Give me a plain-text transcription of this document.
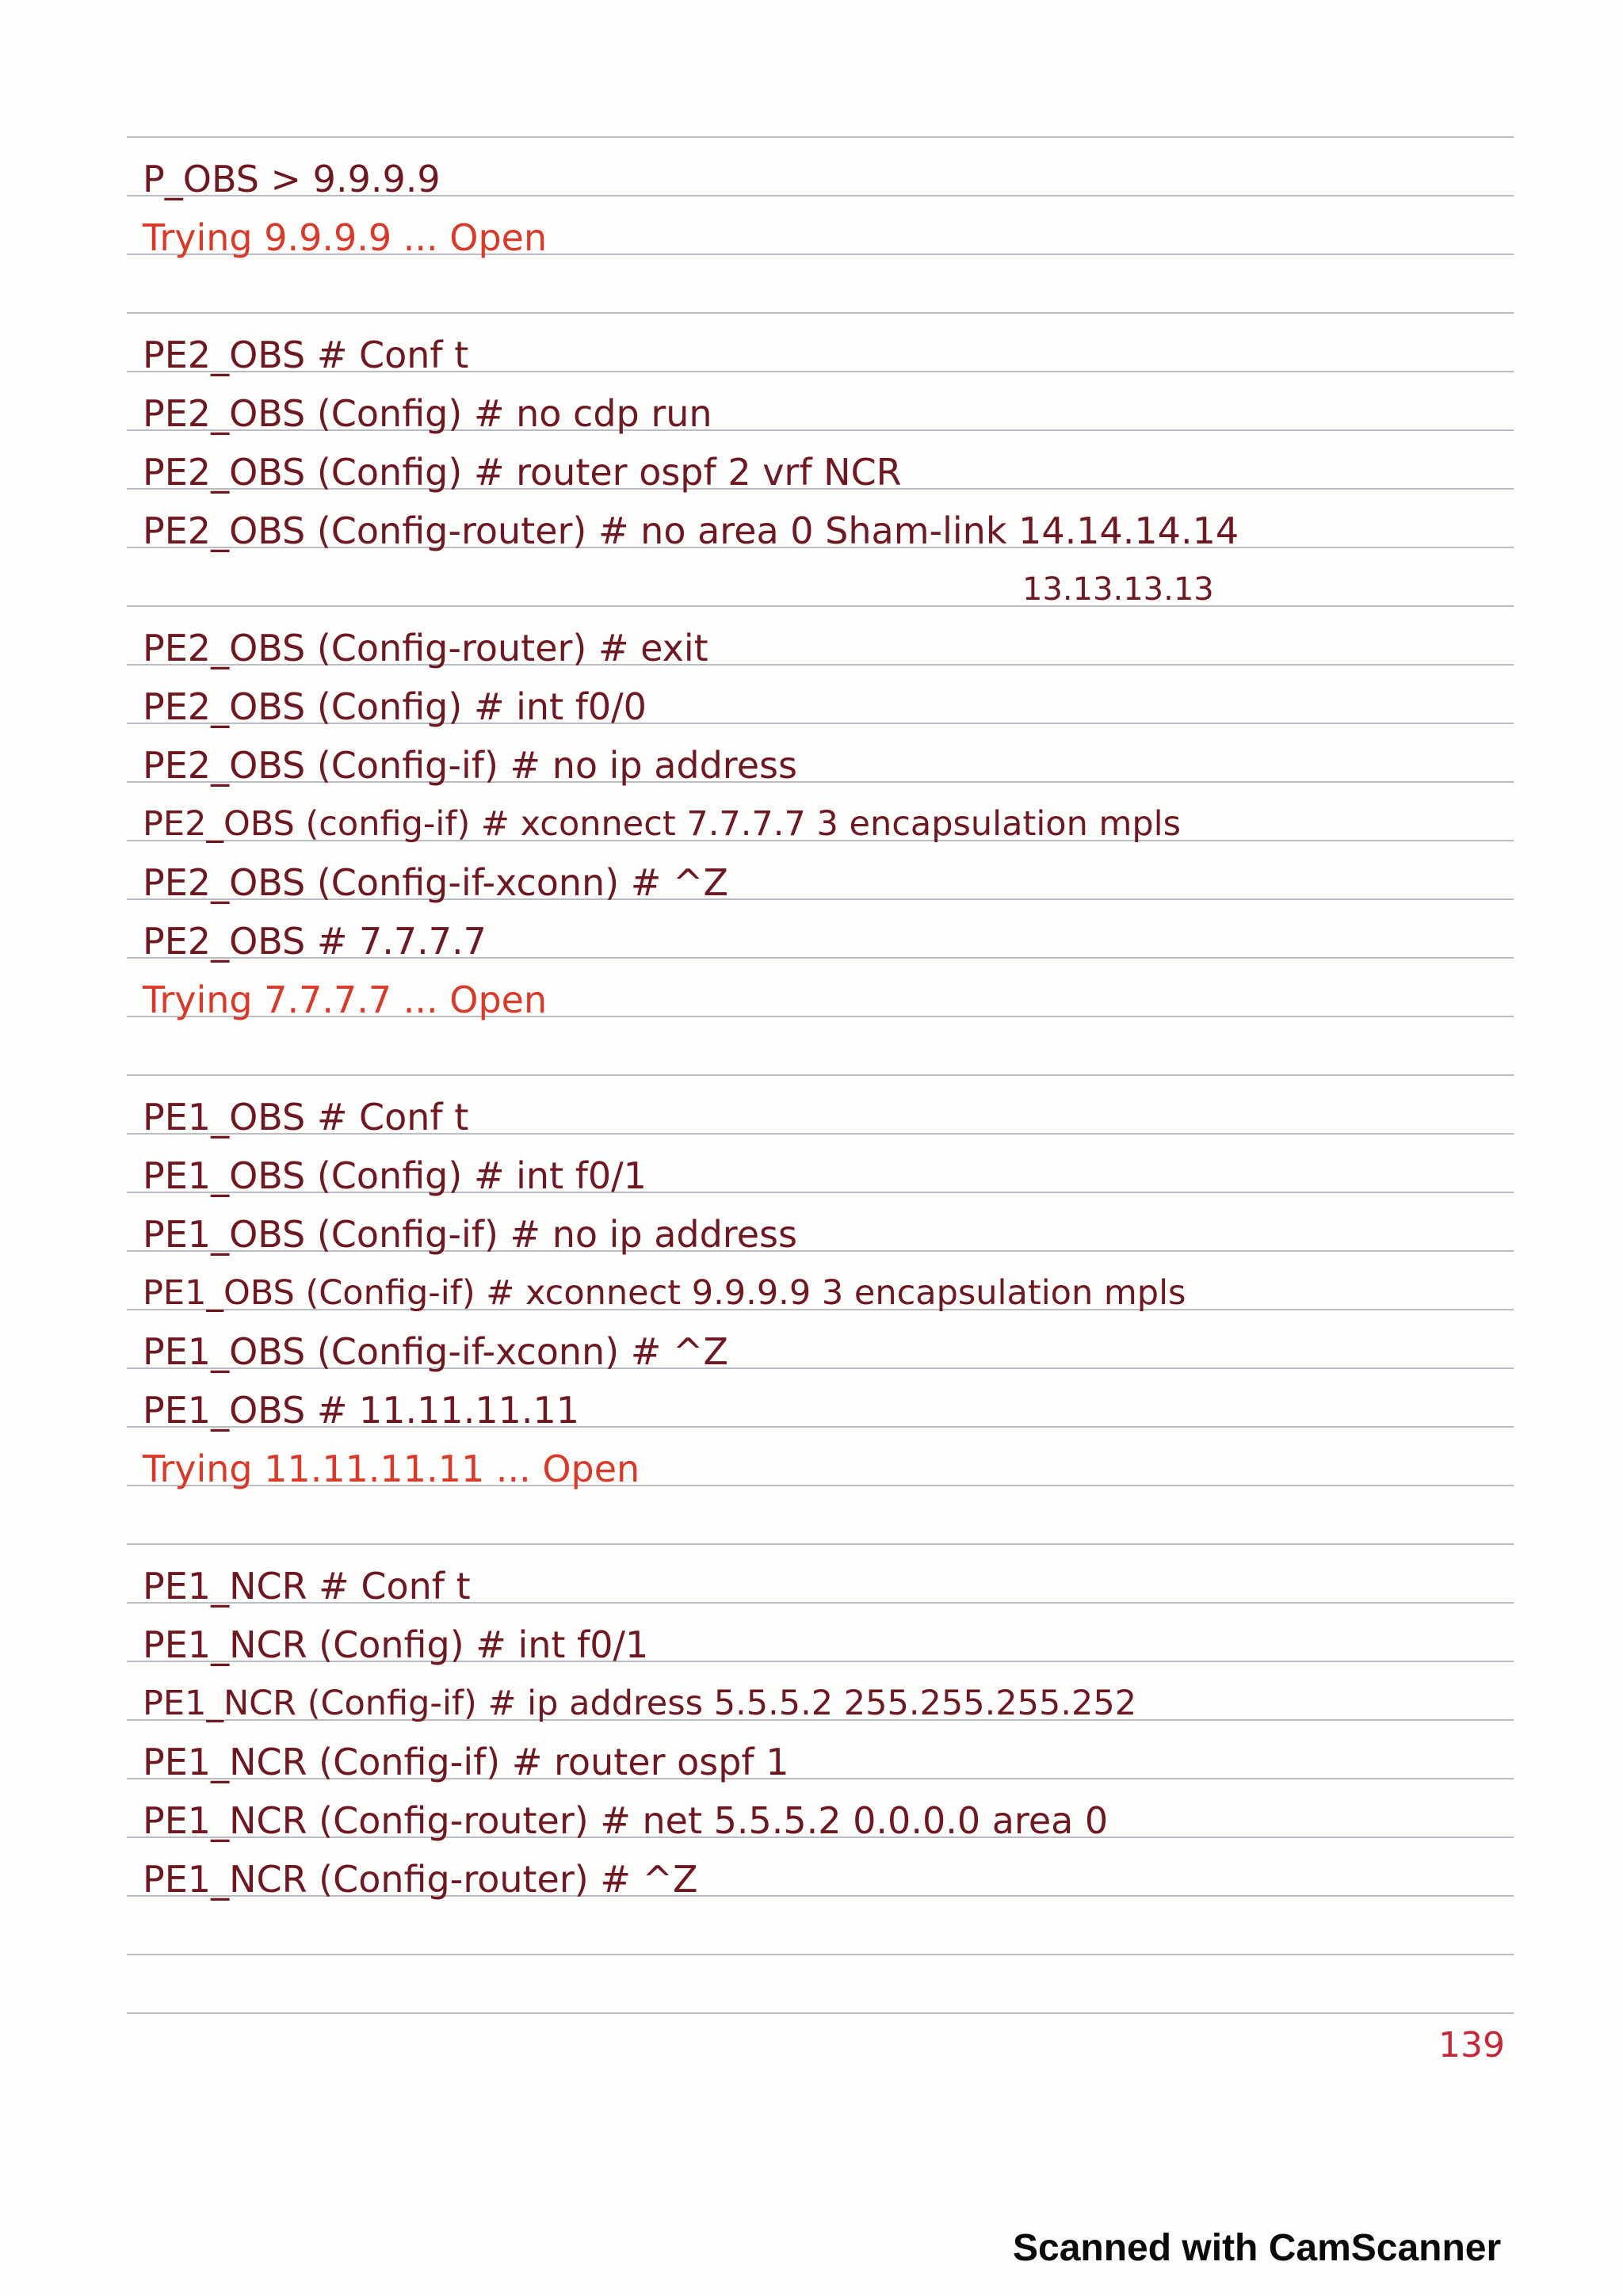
P_OBS > 9.9.9.9
Trying 9.9.9.9 ... Open
PE2_OBS # Conf t
PE2_OBS (Config) # no cdp run
PE2_OBS (Config) # router ospf 2 vrf NCR
PE2_OBS (Config-router) # no area 0 Sham-link 14.14.14.14
13.13.13.13
PE2_OBS (Config-router) # exit
PE2_OBS (Config) # int f0/0
PE2_OBS (Config-if) # no ip address
PE2_OBS (config-if) # xconnect 7.7.7.7 3 encapsulation mpls
PE2_OBS (Config-if-xconn) # ^Z
PE2_OBS # 7.7.7.7
Trying 7.7.7.7 ... Open
PE1_OBS # Conf t
PE1_OBS (Config) # int f0/1
PE1_OBS (Config-if) # no ip address
PE1_OBS (Config-if) # xconnect 9.9.9.9 3 encapsulation mpls
PE1_OBS (Config-if-xconn) # ^Z
PE1_OBS # 11.11.11.11
Trying 11.11.11.11 ... Open
PE1_NCR # Conf t
PE1_NCR (Config) # int f0/1
PE1_NCR (Config-if) # ip address 5.5.5.2 255.255.255.252
PE1_NCR (Config-if) # router ospf 1
PE1_NCR (Config-router) # net 5.5.5.2 0.0.0.0 area 0
PE1_NCR (Config-router) # ^Z
139
Scanned with CamScanner
